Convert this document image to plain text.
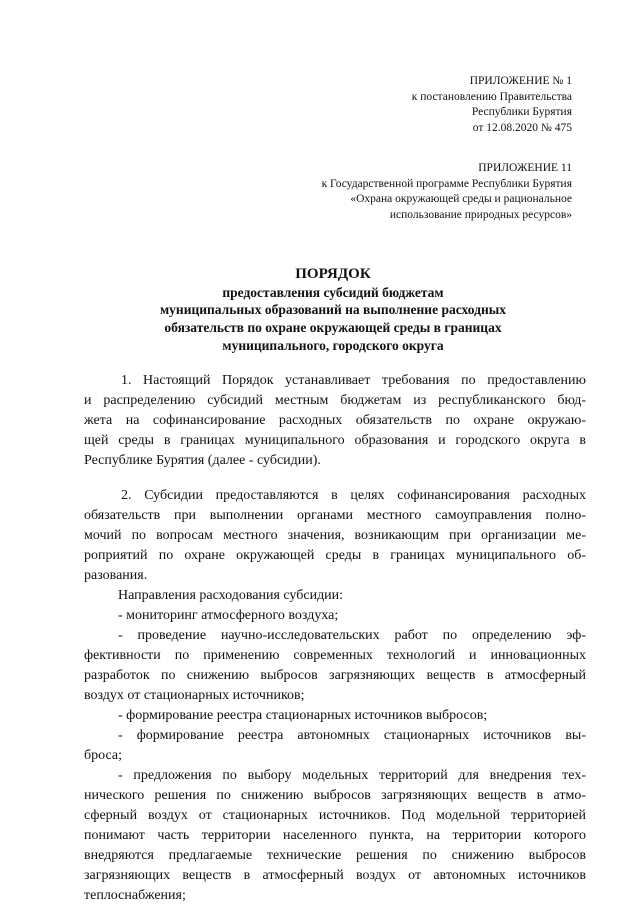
ПРИЛОЖЕНИЕ № 1
к постановлению Правительства
Республики Бурятия
от 12.08.2020 № 475
ПРИЛОЖЕНИЕ 11
к Государственной программе Республики Бурятия
«Охрана окружающей среды и рациональное
использование природных ресурсов»
ПОРЯДОК
предоставления субсидий бюджетам
муниципальных образований на выполнение расходных
обязательств по охране окружающей среды в границах
муниципального, городского округа
1. Настоящий Порядок устанавливает требования по предоставлению
и распределению субсидий местным бюджетам из республиканского бюд-
жета на софинансирование расходных обязательств по охране окружаю-
щей среды в границах муниципального образования и городского округа в
Республике Бурятия (далее - субсидии).
2. Субсидии предоставляются в целях софинансирования расходных
обязательств при выполнении органами местного самоуправления полно-
мочий по вопросам местного значения, возникающим при организации ме-
роприятий по охране окружающей среды в границах муниципального об-
разования.
Направления расходования субсидии:
- мониторинг атмосферного воздуха;
- проведение научно-исследовательских работ по определению эф-
фективности по применению современных технологий и инновационных
разработок по снижению выбросов загрязняющих веществ в атмосферный
воздух от стационарных источников;
- формирование реестра стационарных источников выбросов;
- формирование реестра автономных стационарных источников вы-
броса;
- предложения по выбору модельных территорий для внедрения тех-
нического решения по снижению выбросов загрязняющих веществ в атмо-
сферный воздух от стационарных источников. Под модельной территорией
понимают часть территории населенного пункта, на территории которого
внедряются предлагаемые технические решения по снижению выбросов
загрязняющих веществ в атмосферный воздух от автономных источников
теплоснабжения;
